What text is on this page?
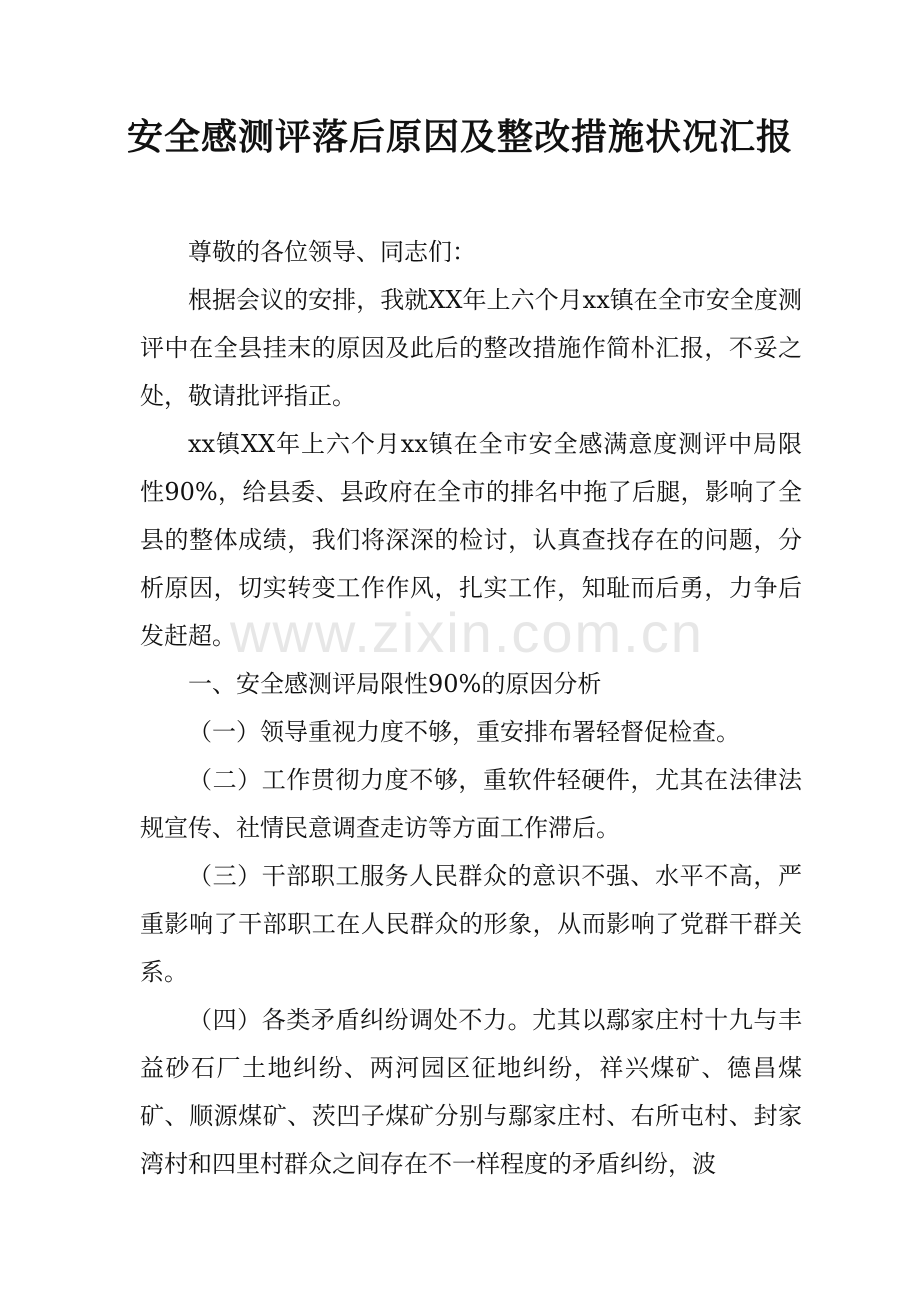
安全感测评落后原因及整改措施状况汇报

尊敬的各位领导、同志们：

根据会议的安排，我就XX年上六个月xx镇在全市安全度测评中在全县挂末的原因及此后的整改措施作简朴汇报，不妥之处，敬请批评指正。

xx镇XX年上六个月xx镇在全市安全感满意度测评中局限性90%，给县委、县政府在全市的排名中拖了后腿，影响了全县的整体成绩，我们将深深的检讨，认真查找存在的问题，分析原因，切实转变工作作风，扎实工作，知耻而后勇，力争后发赶超。

一、安全感测评局限性90%的原因分析

（一）领导重视力度不够，重安排布署轻督促检查。

（二）工作贯彻力度不够，重软件轻硬件，尤其在法律法规宣传、社情民意调查走访等方面工作滞后。

（三）干部职工服务人民群众的意识不强、水平不高，严重影响了干部职工在人民群众的形象，从而影响了党群干群关系。

（四）各类矛盾纠纷调处不力。尤其以鄢家庄村十九与丰益砂石厂土地纠纷、两河园区征地纠纷，祥兴煤矿、德昌煤矿、顺源煤矿、茨凹子煤矿分别与鄢家庄村、右所屯村、封家湾村和四里村群众之间存在不一样程度的矛盾纠纷，波

www.zixin.com.cn
